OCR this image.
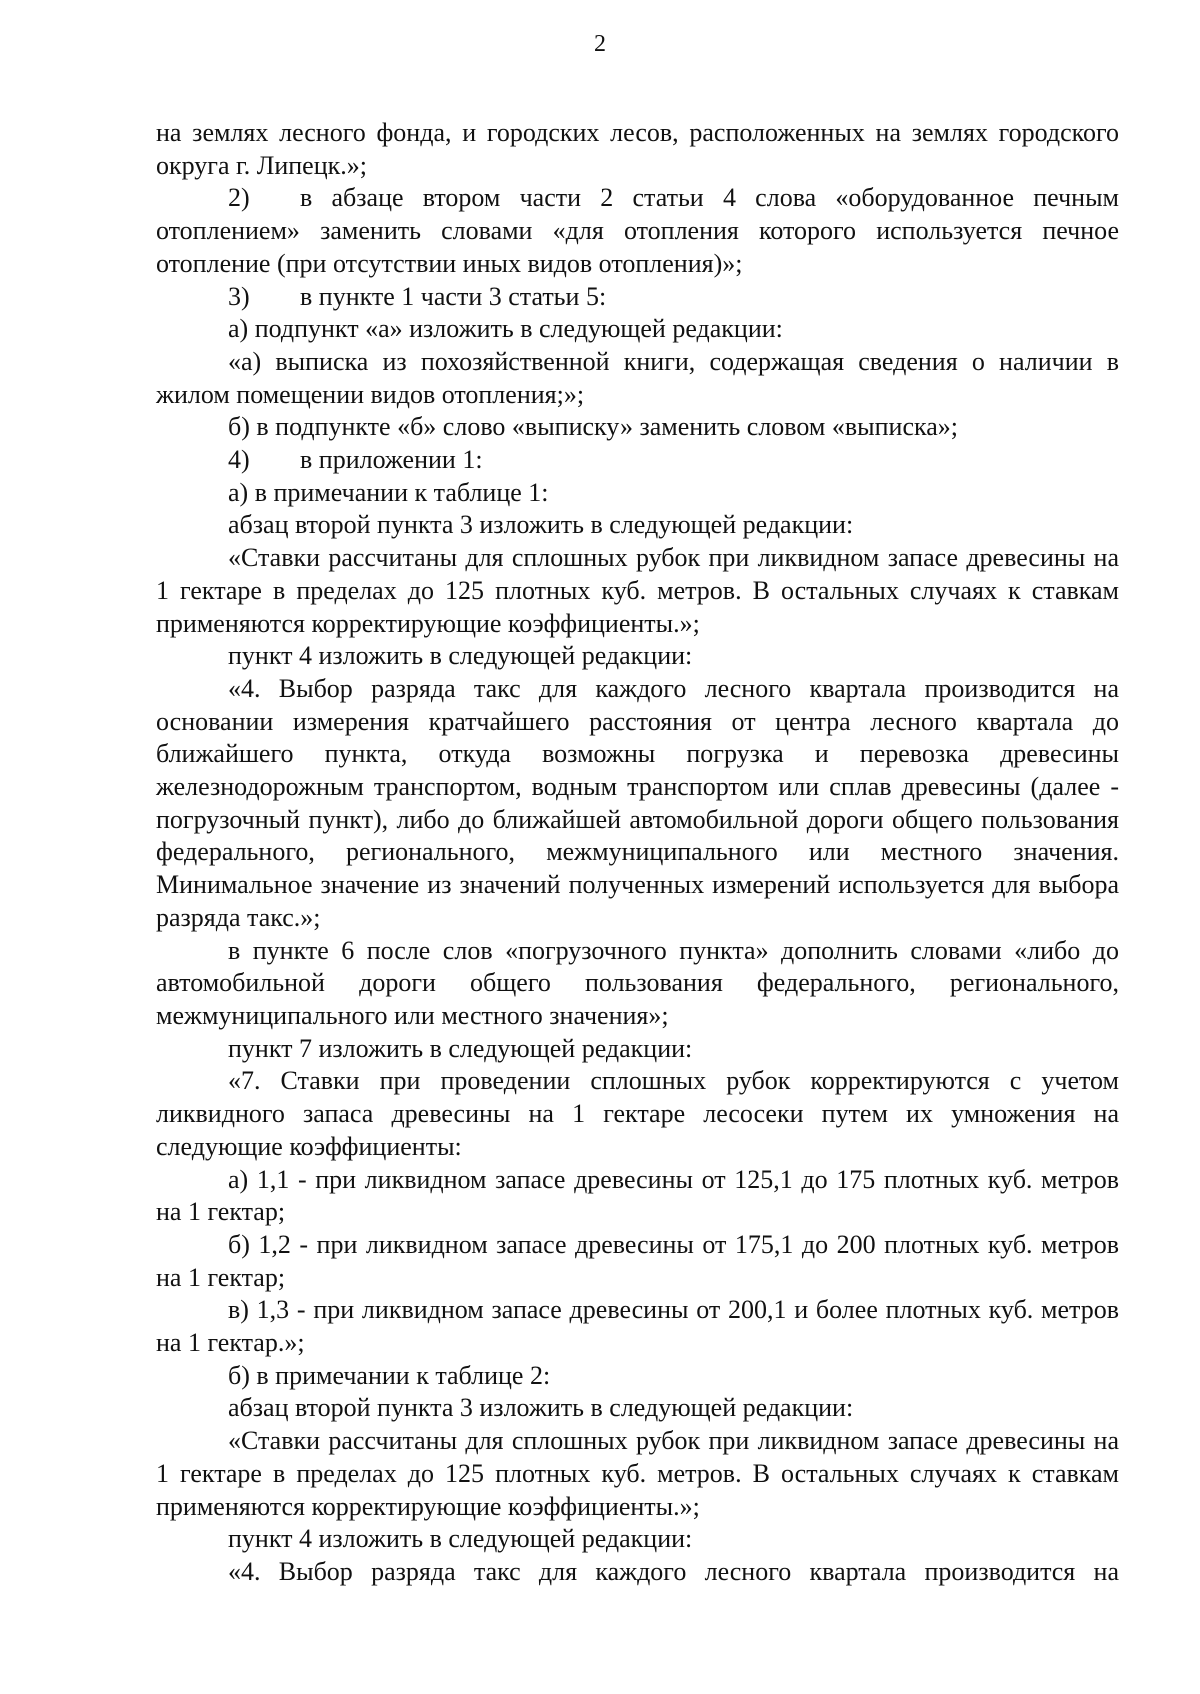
2

на землях лесного фонда, и городских лесов, расположенных на землях городского округа г. Липецк.»;

2) в абзаце втором части 2 статьи 4 слова «оборудованное печным отоплением» заменить словами «для отопления которого используется печное отопление (при отсутствии иных видов отопления)»;

3) в пункте 1 части 3 статьи 5:

а) подпункт «а» изложить в следующей редакции:

«а) выписка из похозяйственной книги, содержащая сведения о наличии в жилом помещении видов отопления;»;

б) в подпункте «б» слово «выписку» заменить словом «выписка»;

4) в приложении 1:

а) в примечании к таблице 1:

абзац второй пункта 3 изложить в следующей редакции:

«Ставки рассчитаны для сплошных рубок при ликвидном запасе древесины на 1 гектаре в пределах до 125 плотных куб. метров. В остальных случаях к ставкам применяются корректирующие коэффициенты.»;

пункт 4 изложить в следующей редакции:

«4. Выбор разряда такс для каждого лесного квартала производится на основании измерения кратчайшего расстояния от центра лесного квартала до ближайшего пункта, откуда возможны погрузка и перевозка древесины железнодорожным транспортом, водным транспортом или сплав древесины (далее - погрузочный пункт), либо до ближайшей автомобильной дороги общего пользования федерального, регионального, межмуниципального или местного значения. Минимальное значение из значений полученных измерений используется для выбора разряда такс.»;

в пункте 6 после слов «погрузочного пункта» дополнить словами «либо до автомобильной дороги общего пользования федерального, регионального, межмуниципального или местного значения»;

пункт 7 изложить в следующей редакции:

«7. Ставки при проведении сплошных рубок корректируются с учетом ликвидного запаса древесины на 1 гектаре лесосеки путем их умножения на следующие коэффициенты:

а) 1,1 - при ликвидном запасе древесины от 125,1 до 175 плотных куб. метров на 1 гектар;

б) 1,2 - при ликвидном запасе древесины от 175,1 до 200 плотных куб. метров на 1 гектар;

в) 1,3 - при ликвидном запасе древесины от 200,1 и более плотных куб. метров на 1 гектар.»;

б) в примечании к таблице 2:

абзац второй пункта 3 изложить в следующей редакции:

«Ставки рассчитаны для сплошных рубок при ликвидном запасе древесины на 1 гектаре в пределах до 125 плотных куб. метров. В остальных случаях к ставкам применяются корректирующие коэффициенты.»;

пункт 4 изложить в следующей редакции:

«4. Выбор разряда такс для каждого лесного квартала производится на
